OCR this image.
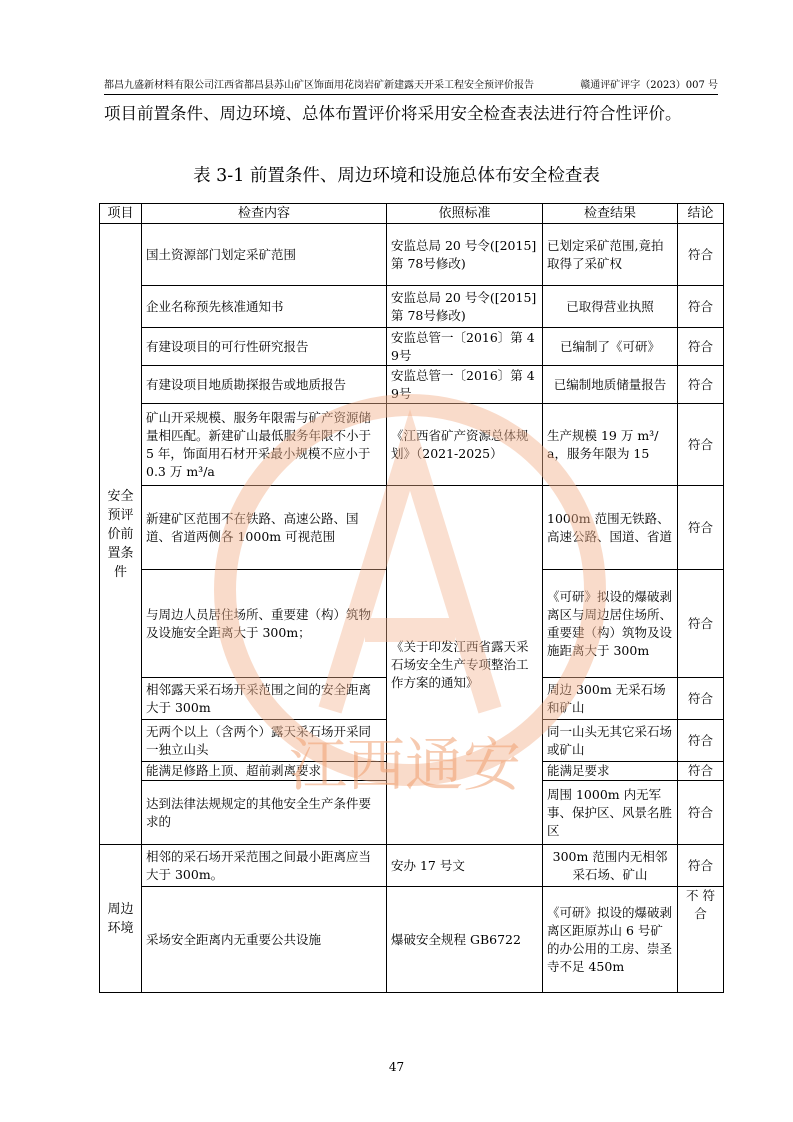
都昌九盛新材料有限公司江西省都昌县苏山矿区饰面用花岗岩矿新建露天开采工程安全预评价报告	赣通评矿评字（2023）007 号
项目前置条件、周边环境、总体布置评价将采用安全检查表法进行符合性评价。
表 3-1 前置条件、周边环境和设施总体布安全检查表
项目	检查内容	依照标准	检查结果	结论
安全预评价前置条件	国土资源部门划定采矿范围	安监总局 20 号令([2015] 第 78号修改)	已划定采矿范围,竟拍取得了采矿权	符合
	企业名称预先核准通知书	安监总局 20 号令([2015] 第 78号修改)	已取得营业执照	符合
	有建设项目的可行性研究报告	安监总管一〔2016〕第 49号	已编制了《可研》	符合
	有建设项目地质勘探报告或地质报告	安监总管一〔2016〕第 49号	已编制地质储量报告	符合
	矿山开采规模、服务年限需与矿产资源储量相匹配。新建矿山最低服务年限不小于 5 年，饰面用石材开采最小规模不应小于 0.3 万 m³/a	《江西省矿产资源总体规划》（2021-2025）	生产规模 19 万 m³/a，服务年限为 15	符合
	新建矿区范围不在铁路、高速公路、国道、省道两侧各 1000m 可视范围	《关于印发江西省露天采石场安全生产专项整治工作方案的通知》	1000m 范围无铁路、高速公路、国道、省道	符合
	与周边人员居住场所、重要建（构）筑物及设施安全距离大于 300m；		《可研》拟设的爆破剥离区与周边居住场所、重要建（构）筑物及设施距离大于 300m	符合
	相邻露天采石场开采范围之间的安全距离大于 300m		周边 300m 无采石场和矿山	符合
	无两个以上（含两个）露天采石场开采同一独立山头		同一山头无其它采石场或矿山	符合
	能满足修路上顶、超前剥离要求		能满足要求	符合
	达到法律法规规定的其他安全生产条件要求的		周围 1000m 内无军事、保护区、风景名胜区	符合
周边环境	相邻的采石场开采范围之间最小距离应当大于 300m。	安办 17 号文	300m 范围内无相邻采石场、矿山	符合
	采场安全距离内无重要公共设施	爆破安全规程 GB6722	《可研》拟设的爆破剥离区距原苏山 6 号矿的办公用的工房、崇圣寺不足 450m	不 符合
江西通安
47
